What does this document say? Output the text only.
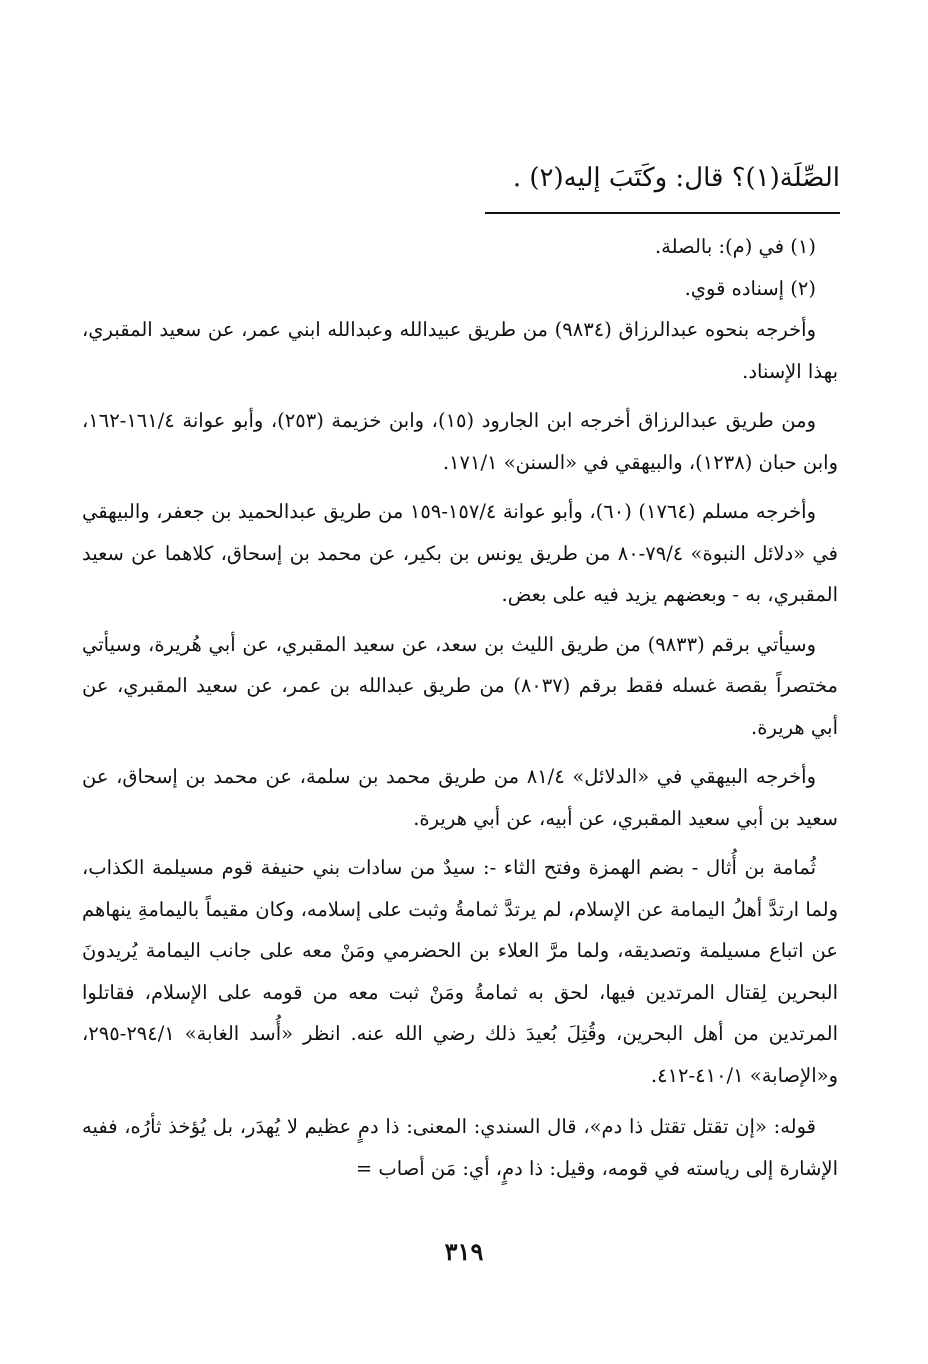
الصِّلَة(١)؟ قال: وكَتَبَ إليه(٢) .

(١) في (م): بالصلة.

(٢) إسناده قوي.

وأخرجه بنحوه عبدالرزاق (٩٨٣٤) من طريق عبيدالله وعبدالله ابني عمر، عن سعيد المقبري، بهذا الإسناد.

ومن طريق عبدالرزاق أخرجه ابن الجارود (١٥)، وابن خزيمة (٢٥٣)، وأبو عوانة ١٦١/٤-١٦٢، وابن حبان (١٢٣٨)، والبيهقي في «السنن» ١٧١/١.

وأخرجه مسلم (١٧٦٤) (٦٠)، وأبو عوانة ١٥٧/٤-١٥٩ من طريق عبدالحميد بن جعفر، والبيهقي في «دلائل النبوة» ٧٩/٤-٨٠ من طريق يونس بن بكير، عن محمد بن إسحاق، كلاهما عن سعيد المقبري، به - وبعضهم يزيد فيه على بعض.

وسيأتي برقم (٩٨٣٣) من طريق الليث بن سعد، عن سعيد المقبري، عن أبي هُريرة، وسيأتي مختصراً بقصة غسله فقط برقم (٨٠٣٧) من طريق عبدالله بن عمر، عن سعيد المقبري، عن أبي هريرة.

وأخرجه البيهقي في «الدلائل» ٨١/٤ من طريق محمد بن سلمة، عن محمد بن إسحاق، عن سعيد بن أبي سعيد المقبري، عن أبيه، عن أبي هريرة.

ثُمامة بن أُثال - بضم الهمزة وفتح الثاء -: سيدٌ من سادات بني حنيفة قوم مسيلمة الكذاب، ولما ارتدَّ أهلُ اليمامة عن الإسلام، لم يرتدَّ ثمامةُ وثبت على إسلامه، وكان مقيماً باليمامةِ ينهاهم عن اتباع مسيلمة وتصديقه، ولما مرَّ العلاء بن الحضرمي ومَنْ معه على جانب اليمامة يُريدونَ البحرين لِقتال المرتدين فيها، لحق به ثمامةُ ومَنْ ثبت معه من قومه على الإسلام، فقاتلوا المرتدين من أهل البحرين، وقُتِلَ بُعيدَ ذلك رضي الله عنه. انظر «أُسد الغابة» ٢٩٤/١-٢٩٥، و«الإصابة» ٤١٠/١-٤١٢.

قوله: «إن تقتل تقتل ذا دم»، قال السندي: المعنى: ذا دمٍ عظيم لا يُهدَر، بل يُؤخذ ثأرُه، ففيه الإشارة إلى رياسته في قومه، وقيل: ذا دمٍ، أي: مَن أصاب =

٣١٩
